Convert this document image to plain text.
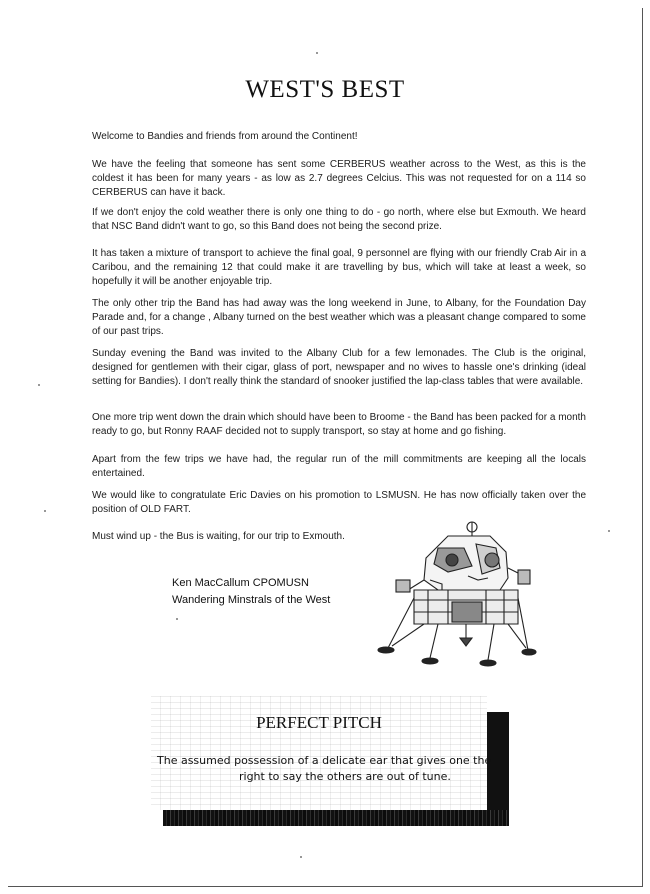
WEST'S BEST

Welcome to Bandies and friends from around the Continent!

We have the feeling that someone has sent some CERBERUS weather across to the West, as this is the coldest it has been for many years - as low as 2.7 degrees Celcius. This was not requested for on a 114 so CERBERUS can have it back.

If we don't enjoy the cold weather there is only one thing to do - go north, where else but Exmouth. We heard that NSC Band didn't want to go, so this Band does not being the second prize.

It has taken a mixture of transport to achieve the final goal, 9 personnel are flying with our friendly Crab Air in a Caribou, and the remaining 12 that could make it are travelling by bus, which will take at least a week, so hopefully it will be another enjoyable trip.

The only other trip the Band has had away was the long weekend in June, to Albany, for the Foundation Day Parade and, for a change , Albany turned on the best weather which was a pleasant change compared to some of our past trips.

Sunday evening the Band was invited to the Albany Club for a few lemonades. The Club is the original, designed for gentlemen with their cigar, glass of port, newspaper and no wives to hassle one's drinking (ideal setting for Bandies). I don't really think the standard of snooker justified the lap-class tables that were available.

One more trip went down the drain which should have been to Broome - the Band has been packed for a month ready to go, but Ronny RAAF decided not to supply transport, so stay at home and go fishing.

Apart from the few trips we have had, the regular run of the mill commitments are keeping all the locals entertained.

We would like to congratulate Eric Davies on his promotion to LSMUSN. He has now officially taken over the position of OLD FART.

Must wind up - the Bus is waiting, for our trip to Exmouth.

Ken MacCallum CPOMUSN
Wandering Minstrals of the West
PERFECT PITCH
The assumed possession of a delicate ear that gives one the
right to say the others are out of tune.
